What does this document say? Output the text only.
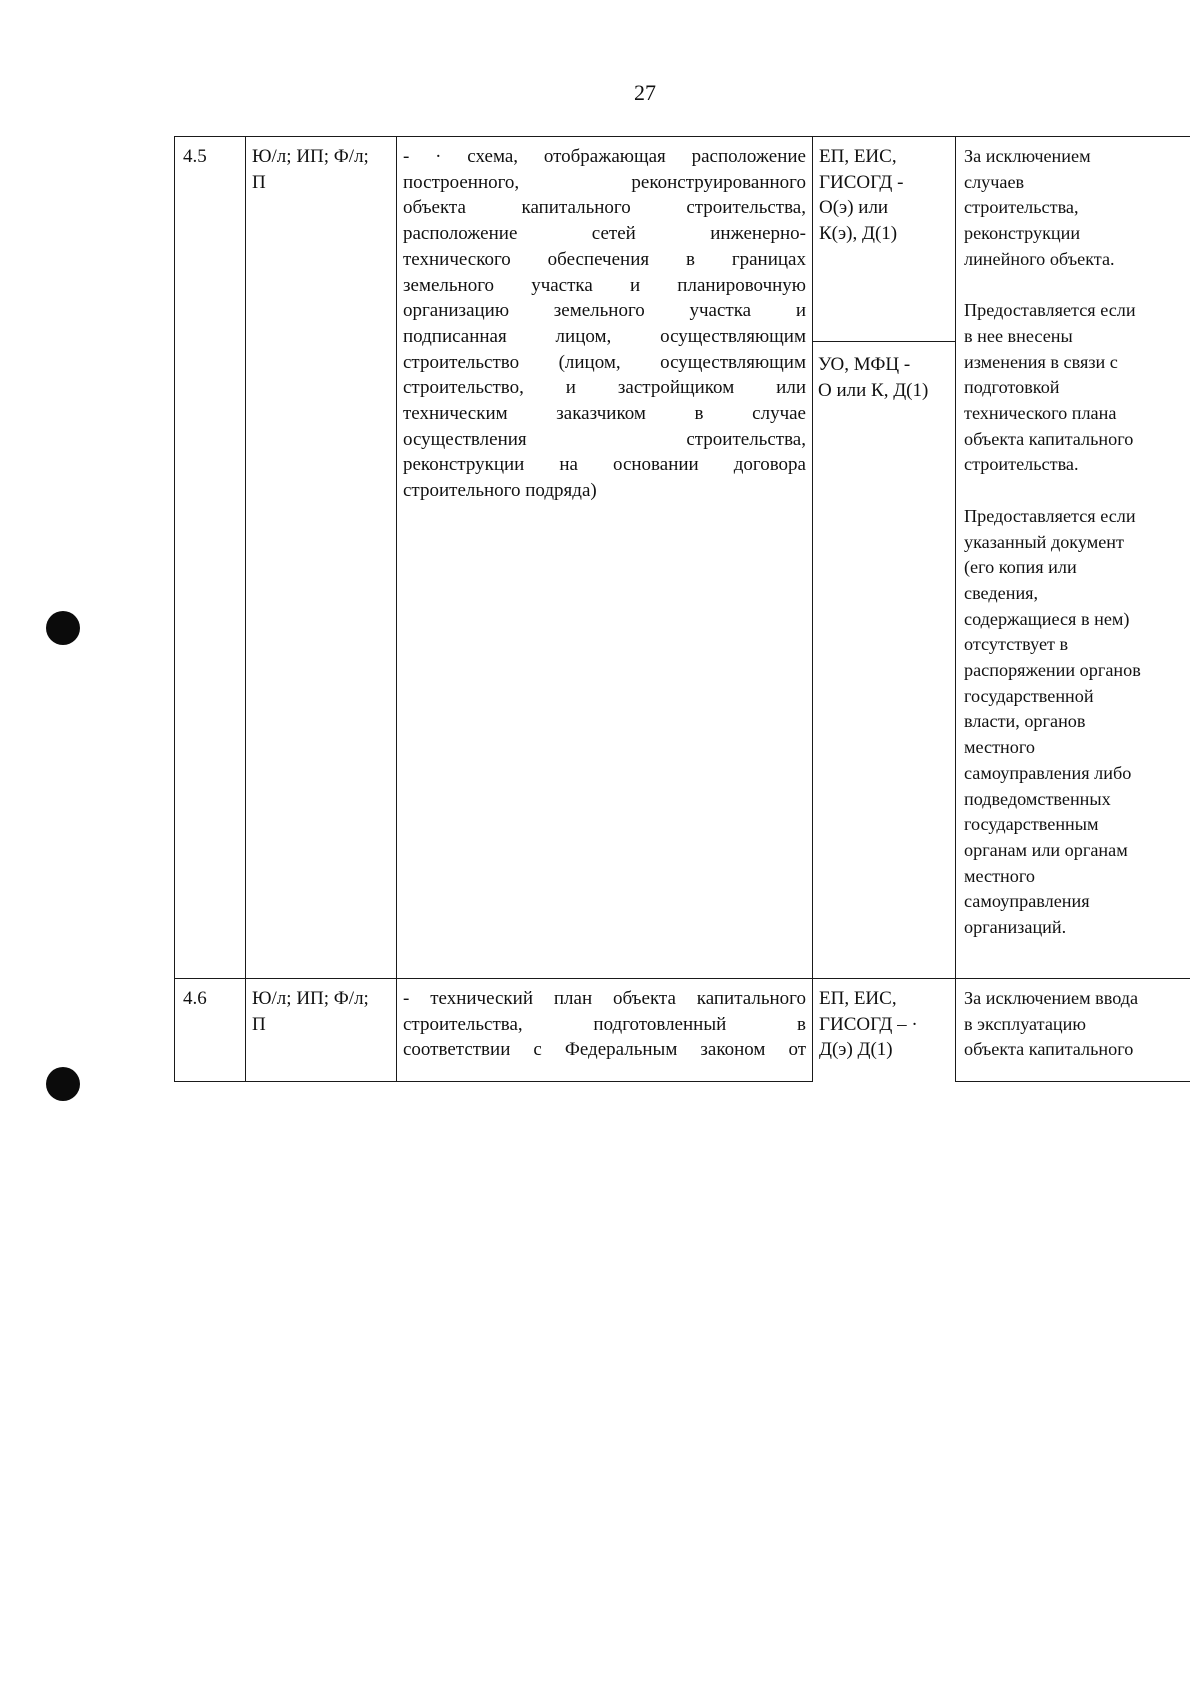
27
4.5	Ю/л; ИП; Ф/л;

П

- · схема, отображающая расположение

построенного, реконструированного

объекта капитального строительства,

расположение сетей инженерно-

технического обеспечения в границах

земельного участка и планировочную

организацию земельного участка и

подписанная лицом, осуществляющим

строительство (лицом, осуществляющим

строительство, и застройщиком или

техническим заказчиком в случае

осуществления строительства,

реконструкции на основании договора

строительного подряда)

ЕП, ЕИС,

ГИСОГД -

О(э) или

К(э), Д(1)

УО, МФЦ -

О или К, Д(1)

За исключением

случаев

строительства,

реконструкции

линейного объекта.

Предоставляется если

в нее внесены

изменения в связи с

подготовкой

технического плана

объекта капитального

строительства.

Предоставляется если

указанный документ

(его копия или

сведения,

содержащиеся в нем)

отсутствует в

распоряжении органов

государственной

власти, органов

местного

самоуправления либо

подведомственных

государственным

органам или органам

местного

самоуправления

организаций.

4.6	Ю/л; ИП; Ф/л;

П

- технический план объекта капитального

строительства, подготовленный в

соответствии с Федеральным законом от

ЕП, ЕИС,

ГИСОГД – ·

Д(э) Д(1)

За исключением ввода

в эксплуатацию

объекта капитального
